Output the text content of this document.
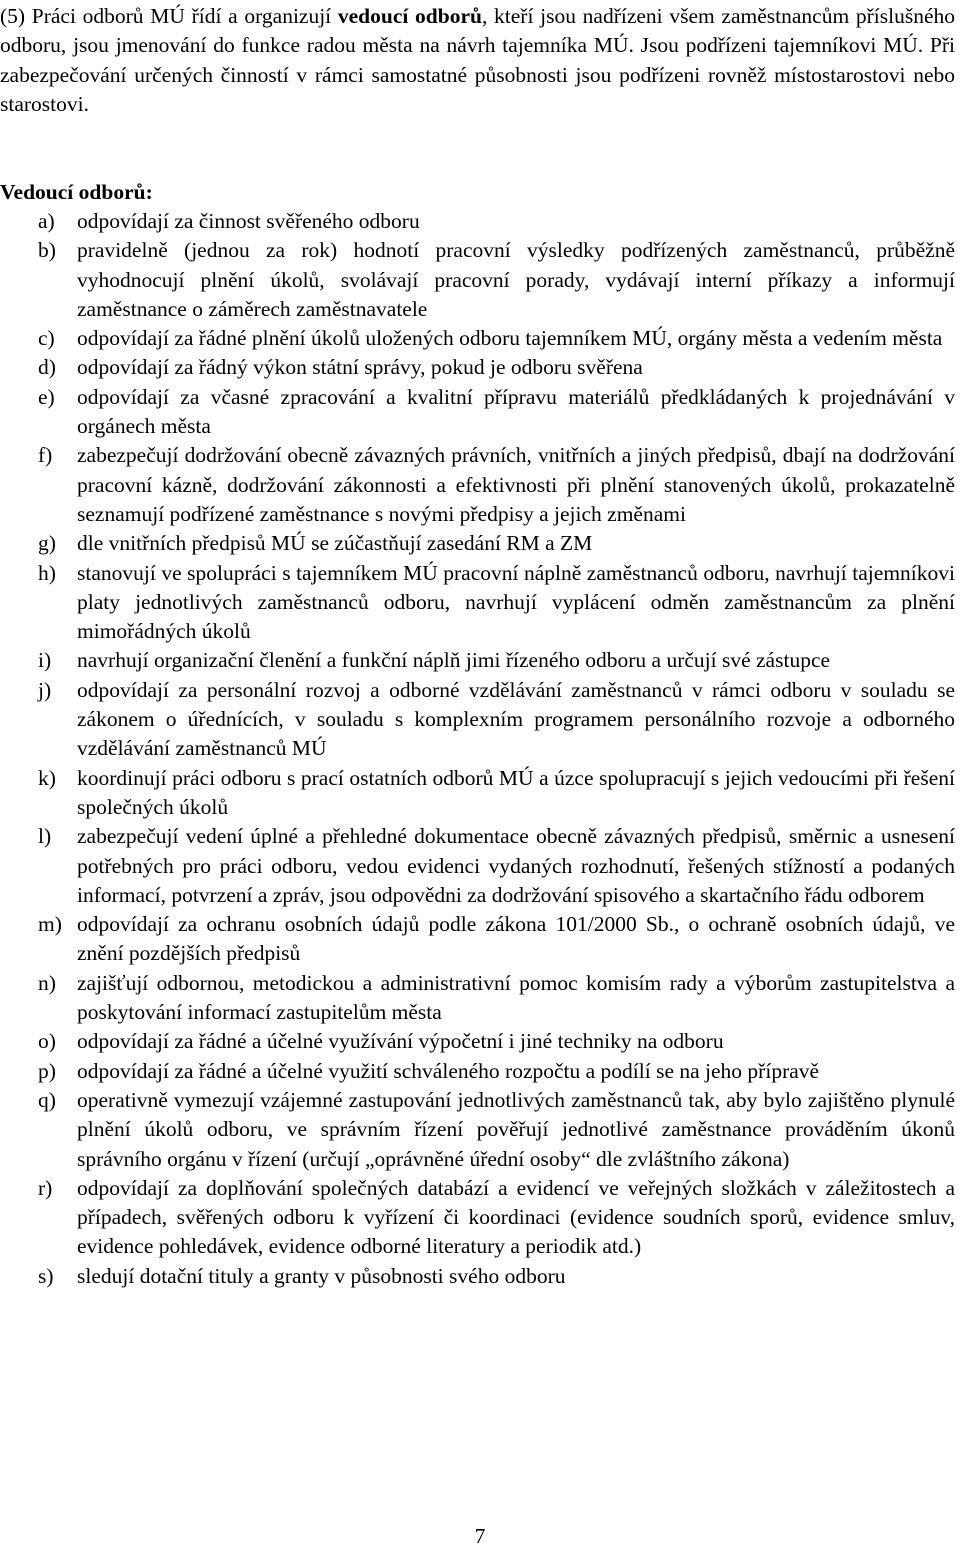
(5) Práci odborů MÚ řídí a organizují vedoucí odborů, kteří jsou nadřízeni všem zaměstnancům příslušného odboru, jsou jmenování do funkce radou města na návrh tajemníka MÚ. Jsou podřízeni tajemníkovi MÚ. Při zabezpečování určených činností v rámci samostatné působnosti jsou podřízeni rovněž místostarostovi nebo starostovi.

Vedoucí odborů:

a) odpovídají za činnost svěřeného odboru
b) pravidelně (jednou za rok) hodnotí pracovní výsledky podřízených zaměstnanců, průběžně vyhodnocují plnění úkolů, svolávají pracovní porady, vydávají interní příkazy a informují zaměstnance o záměrech zaměstnavatele
c) odpovídají za řádné plnění úkolů uložených odboru tajemníkem MÚ, orgány města a vedením města
d) odpovídají za řádný výkon státní správy, pokud je odboru svěřena
e) odpovídají za včasné zpracování a kvalitní přípravu materiálů předkládaných k projednávání v orgánech města
f) zabezpečují dodržování obecně závazných právních, vnitřních a jiných předpisů, dbají na dodržování pracovní kázně, dodržování zákonnosti a efektivnosti při plnění stanovených úkolů, prokazatelně seznamují podřízené zaměstnance s novými předpisy a jejich změnami
g) dle vnitřních předpisů MÚ se zúčastňují zasedání RM a ZM
h) stanovují ve spolupráci s tajemníkem MÚ pracovní náplně zaměstnanců odboru, navrhují tajemníkovi platy jednotlivých zaměstnanců odboru, navrhují vyplácení odměn zaměstnancům za plnění mimořádných úkolů
i) navrhují organizační členění a funkční náplň jimi řízeného odboru a určují své zástupce
j) odpovídají za personální rozvoj a odborné vzdělávání zaměstnanců v rámci odboru v souladu se zákonem o úřednících, v souladu s komplexním programem personálního rozvoje a odborného vzdělávání zaměstnanců MÚ
k) koordinují práci odboru s prací ostatních odborů MÚ a úzce spolupracují s jejich vedoucími při řešení společných úkolů
l) zabezpečují vedení úplné a přehledné dokumentace obecně závazných předpisů, směrnic a usnesení potřebných pro práci odboru, vedou evidenci vydaných rozhodnutí, řešených stížností a podaných informací, potvrzení a zpráv, jsou odpovědni za dodržování spisového a skartačního řádu odborem
m) odpovídají za ochranu osobních údajů podle zákona 101/2000 Sb., o ochraně osobních údajů, ve znění pozdějších předpisů
n) zajišťují odbornou, metodickou a administrativní pomoc komisím rady a výborům zastupitelstva a poskytování informací zastupitelům města
o) odpovídají za řádné a účelné využívání výpočetní i jiné techniky na odboru
p) odpovídají za řádné a účelné využití schváleného rozpočtu a podílí se na jeho přípravě
q) operativně vymezují vzájemné zastupování jednotlivých zaměstnanců tak, aby bylo zajištěno plynulé plnění úkolů odboru, ve správním řízení pověřují jednotlivé zaměstnance prováděním úkonů správního orgánu v řízení (určují „oprávněné úřední osoby“ dle zvláštního zákona)
r) odpovídají za doplňování společných databází a evidencí ve veřejných složkách v záležitostech a případech, svěřených odboru k vyřízení či koordinaci (evidence soudních sporů, evidence smluv, evidence pohledávek, evidence odborné literatury a periodik atd.)
s) sledují dotační tituly a granty v působnosti svého odboru
7
